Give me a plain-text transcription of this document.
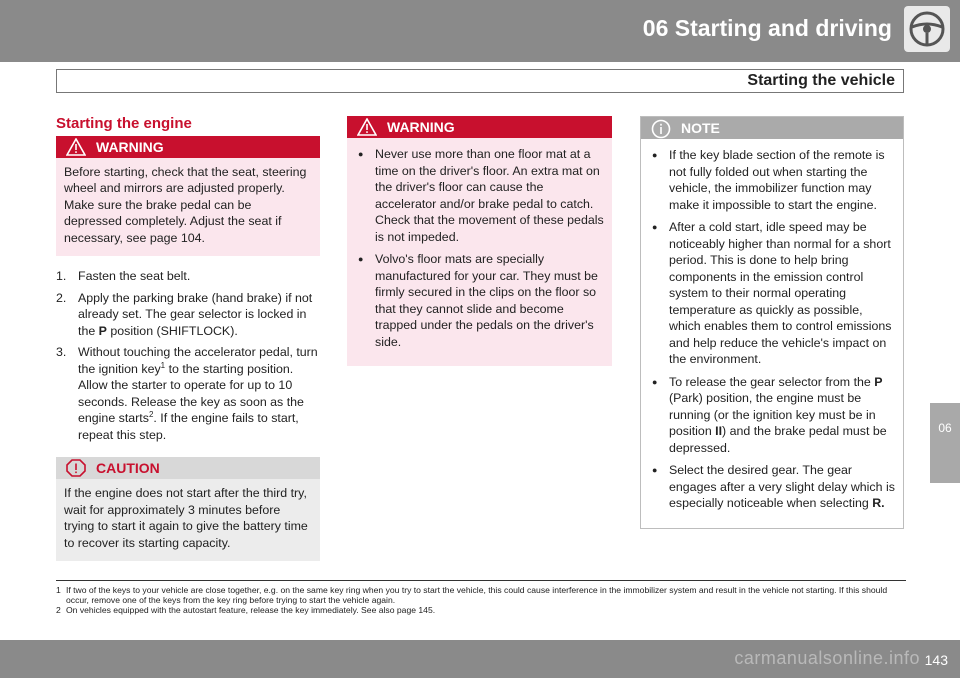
06 Starting and driving
Starting the vehicle
06
Starting the engine
WARNING
Before starting, check that the seat, steering wheel and mirrors are adjusted properly. Make sure the brake pedal can be depressed completely. Adjust the seat if necessary, see page 104.
1. Fasten the seat belt.
2. Apply the parking brake (hand brake) if not already set. The gear selector is locked in the P position (SHIFTLOCK).
3. Without touching the accelerator pedal, turn the ignition key$^1$ to the starting position. Allow the starter to operate for up to 10 seconds. Release the key as soon as the engine starts$^2$. If the engine fails to start, repeat this step.
CAUTION
If the engine does not start after the third try, wait for approximately 3 minutes before trying to start it again to give the battery time to recover its starting capacity.
WARNING
● Never use more than one floor mat at a time on the driver's floor. An extra mat on the driver's floor can cause the accelerator and/or brake pedal to catch. Check that the movement of these pedals is not impeded.
● Volvo's floor mats are specially manufactured for your car. They must be firmly secured in the clips on the floor so that they cannot slide and become trapped under the pedals on the driver's side.
NOTE
● If the key blade section of the remote is not fully folded out when starting the vehicle, the immobilizer function may make it impossible to start the engine.
● After a cold start, idle speed may be noticeably higher than normal for a short period. This is done to help bring components in the emission control system to their normal operating temperature as quickly as possible, which enables them to control emissions and help reduce the vehicle's impact on the environment.
● To release the gear selector from the P (Park) position, the engine must be running (or the ignition key must be in position II) and the brake pedal must be depressed.
● Select the desired gear. The gear engages after a very slight delay which is especially noticeable when selecting R.
1 If two of the keys to your vehicle are close together, e.g. on the same key ring when you try to start the vehicle, this could cause interference in the immobilizer system and result in the vehicle not starting. If this should occur, remove one of the keys from the key ring before trying to start the vehicle again.
2 On vehicles equipped with the autostart feature, release the key immediately. See also page 145.
carmanualsonline.info 143
